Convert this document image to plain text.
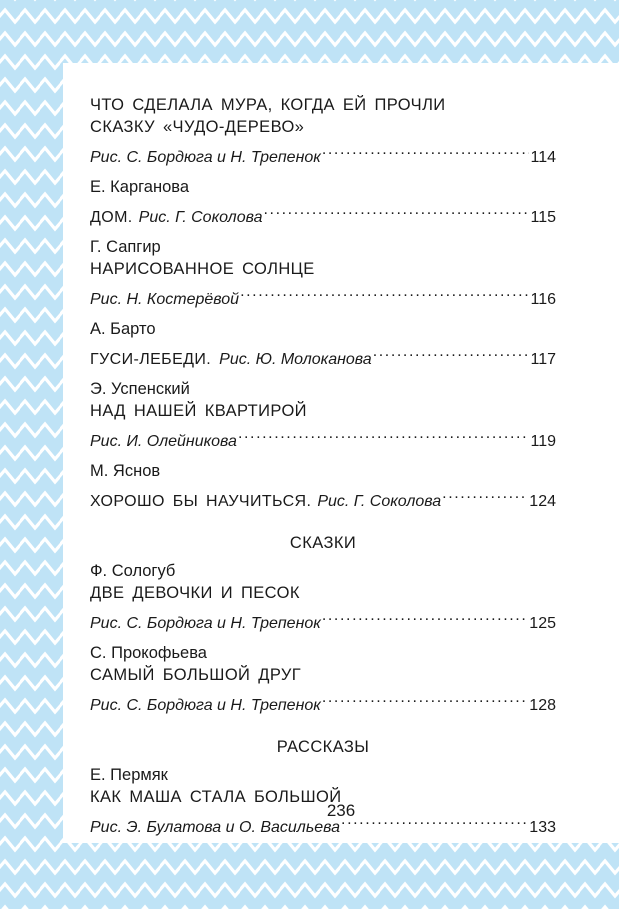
ЧТО СДЕЛАЛА МУРА, КОГДА ЕЙ ПРОЧЛИ
СКАЗКУ «ЧУДО-ДЕРЕВО»
Рис. С. Бордюга и Н. Трепенок .....	114
Е. Карганова
ДОМ. Рис. Г. Соколова .....	115
Г. Сапгир
НАРИСОВАННОЕ СОЛНЦЕ
Рис. Н. Костерёвой .....	116
А. Барто
ГУСИ-ЛЕБЕДИ. Рис. Ю. Молоканова .....	117
Э. Успенский
НАД НАШЕЙ КВАРТИРОЙ
Рис. И. Олейникова .....	119
М. Яснов
ХОРОШО БЫ НАУЧИТЬСЯ. Рис. Г. Соколова .....	124
СКАЗКИ
Ф. Сологуб
ДВЕ ДЕВОЧКИ И ПЕСОК
Рис. С. Бордюга и Н. Трепенок .....	125
С. Прокофьева
САМЫЙ БОЛЬШОЙ ДРУГ
Рис. С. Бордюга и Н. Трепенок .....	128
РАССКАЗЫ
Е. Пермяк
КАК МАША СТАЛА БОЛЬШОЙ
Рис. Э. Булатова и О. Васильева .....	133
236
